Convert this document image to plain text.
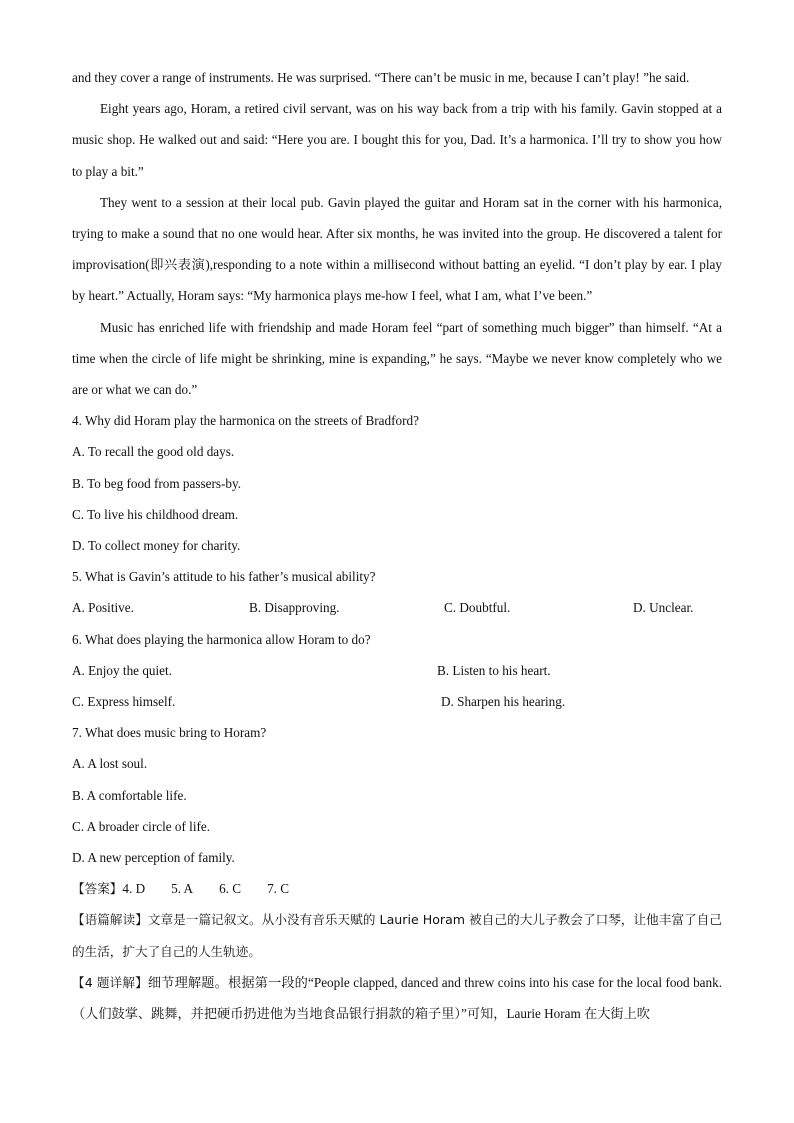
and they cover a range of instruments. He was surprised. “There can’t be music in me, because I can’t play! ”he said.

Eight years ago, Horam, a retired civil servant, was on his way back from a trip with his family. Gavin stopped at a music shop. He walked out and said: “Here you are. I bought this for you, Dad. It’s a harmonica. I’ll try to show you how to play a bit.”

They went to a session at their local pub. Gavin played the guitar and Horam sat in the corner with his harmonica, trying to make a sound that no one would hear. After six months, he was invited into the group. He discovered a talent for improvisation(即兴表演),responding to a note within a millisecond without batting an eyelid. “I don’t play by ear. I play by heart.” Actually, Horam says: “My harmonica plays me-how I feel, what I am, what I’ve been.”

Music has enriched life with friendship and made Horam feel “part of something much bigger” than himself. “At a time when the circle of life might be shrinking, mine is expanding,” he says. “Maybe we never know completely who we are or what we can do.”

4. Why did Horam play the harmonica on the streets of Bradford?

A. To recall the good old days.

B. To beg food from passers-by.

C. To live his childhood dream.

D. To collect money for charity.

5. What is Gavin’s attitude to his father’s musical ability?

A. Positive.	B. Disapproving.	C. Doubtful.	D. Unclear.

6. What does playing the harmonica allow Horam to do?

A. Enjoy the quiet.	B. Listen to his heart.
C. Express himself.	D. Sharpen his hearing.

7. What does music bring to Horam?

A. A lost soul.

B. A comfortable life.

C. A broader circle of life.

D. A new perception of family.

【答案】4. D 5. A 6. C 7. C

【语篇解读】文章是一篇记叙文。从小没有音乐天赋的 Laurie Horam 被自己的大儿子教会了口琴，让他丰富了自己的生活，扩大了自己的人生轨迹。

【4 题详解】细节理解题。根据第一段的“People clapped, danced and threw coins into his case for the local food bank.（人们鼓掌、跳舞，并把硬币扔进他为当地食品银行捐款的箱子里）”可知，Laurie Horam 在大街上吹
